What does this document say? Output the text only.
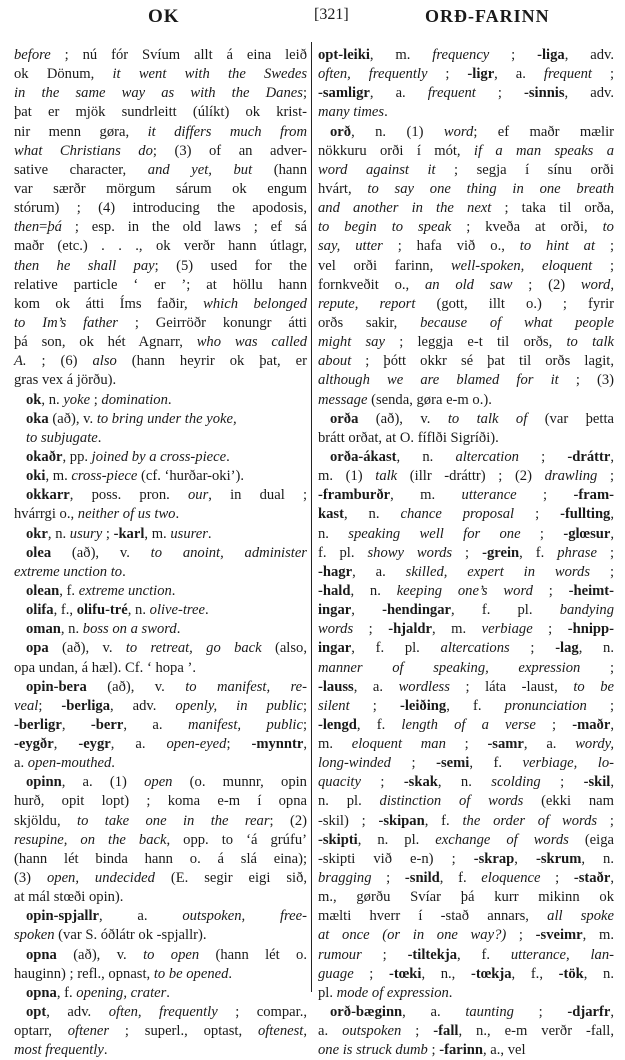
OK	[321]	ORÐ-FARINN
before ; nú fór Svíum allt á eina leið
ok Dönum, it went with the Swedes
in the same way as with the Danes;
þat er mjök sundrleitt (úlíkt) ok krist-
nir menn gøra, it differs much from
what Christians do; (3) of an adver-
sative character, and yet, but (hann
var særðr mörgum sárum ok engum
stórum) ; (4) introducing the apodosis,
then=þá ; esp. in the old laws ; ef sá
maðr (etc.) . . ., ok verðr hann útlagr,
then he shall pay; (5) used for the
relative particle ‘ er ’; at höllu hann
kom ok átti Íms faðir, which belonged
to Im’s father ; Geirröðr konungr átti
þá son, ok hét Agnarr, who was called
A. ; (6) also (hann heyrir ok þat, er
gras vex á jörðu).
ok, n. yoke ; domination.
oka (að), v. to bring under the yoke,
to subjugate.
okaðr, pp. joined by a cross-piece.
oki, m. cross-piece (cf. ‘hurðar-oki’).
okkarr, poss. pron. our, in dual ;
hvárrgi o., neither of us two.
okr, n. usury ; -karl, m. usurer.
olea (að), v. to anoint, administer
extreme unction to.
olean, f. extreme unction.
olifa, f., olifu-tré, n. olive-tree.
oman, n. boss on a sword.
opa (að), v. to retreat, go back (also,
opa undan, á hæl). Cf. ‘ hopa ’.
opin-bera (að), v. to manifest, re-
veal; -berliga, adv. openly, in public;
-berligr, -berr, a. manifest, public;
-eygðr, -eygr, a. open-eyed; -mynntr,
a. open-mouthed.
opinn, a. (1) open (o. munnr, opin
hurð, opit lopt) ; koma e-m í opna
skjöldu, to take one in the rear; (2)
resupine, on the back, opp. to ‘á grúfu’
(hann lét binda hann o. á slá eina);
(3) open, undecided (E. segir eigi sið,
at mál stœði opin).
opin-spjallr, a. outspoken, free-
spoken (var S. óðlátr ok -spjallr).
opna (að), v. to open (hann lét o.
hauginn) ; refl., opnast, to be opened.
opna, f. opening, crater.
opt, adv. often, frequently ; compar.,
optarr, oftener ; superl., optast, oftenest,
most frequently.
opt-leiki, m. frequency ; -liga, adv.
often, frequently ; -ligr, a. frequent ;
-samligr, a. frequent ; -sinnis, adv.
many times.
orð, n. (1) word; ef maðr mælir
nökkuru orði í mót, if a man speaks a
word against it ; segja í sínu orði
hvárt, to say one thing in one breath
and another in the next ; taka til orða,
to begin to speak ; kveða at orði, to
say, utter ; hafa við o., to hint at ;
vel orði farinn, well-spoken, eloquent ;
fornkveðit o., an old saw ; (2) word,
repute, report (gott, illt o.) ; fyrir
orðs sakir, because of what people
might say ; leggja e-t til orðs, to talk
about ; þótt okkr sé þat til orðs lagit,
although we are blamed for it ; (3)
message (senda, gøra e-m o.).
orða (að), v. to talk of (var þetta
brátt orðat, at O. fíflði Sigríði).
orða-ákast, n. altercation ; -dráttr,
m. (1) talk (illr -dráttr) ; (2) drawling ;
-framburðr, m. utterance ; -fram-
kast, n. chance proposal ; -fullting,
n. speaking well for one ; -glœsur,
f. pl. showy words ; -grein, f. phrase ;
-hagr, a. skilled, expert in words ;
-hald, n. keeping one’s word ; -heimt-
ingar, -hendingar, f. pl. bandying
words ; -hjaldr, m. verbiage ; -hnipp-
ingar, f. pl. altercations ; -lag, n.
manner of speaking, expression ;
-lauss, a. wordless ; láta -laust, to be
silent ; -leiðing, f. pronunciation ;
-lengd, f. length of a verse ; -maðr,
m. eloquent man ; -samr, a. wordy,
long-winded ; -semi, f. verbiage, lo-
quacity ; -skak, n. scolding ; -skil,
n. pl. distinction of words (ekki nam
-skil) ; -skipan, f. the order of words ;
-skipti, n. pl. exchange of words (eiga
-skipti við e-n) ; -skrap, -skrum, n.
bragging ; -snild, f. eloquence ; -staðr,
m., gørðu Svíar þá kurr mikinn ok
mælti hverr í -stað annars, all spoke
at once (or in one way?) ; -sveimr, m.
rumour ; -tiltekja, f. utterance, lan-
guage ; -tœki, n., -tœkja, f., -tök, n.
pl. mode of expression.
orð-bæginn, a. taunting ; -djarfr,
a. outspoken ; -fall, n., e-m verðr -fall,
one is struck dumb ; -farinn, a., vel
